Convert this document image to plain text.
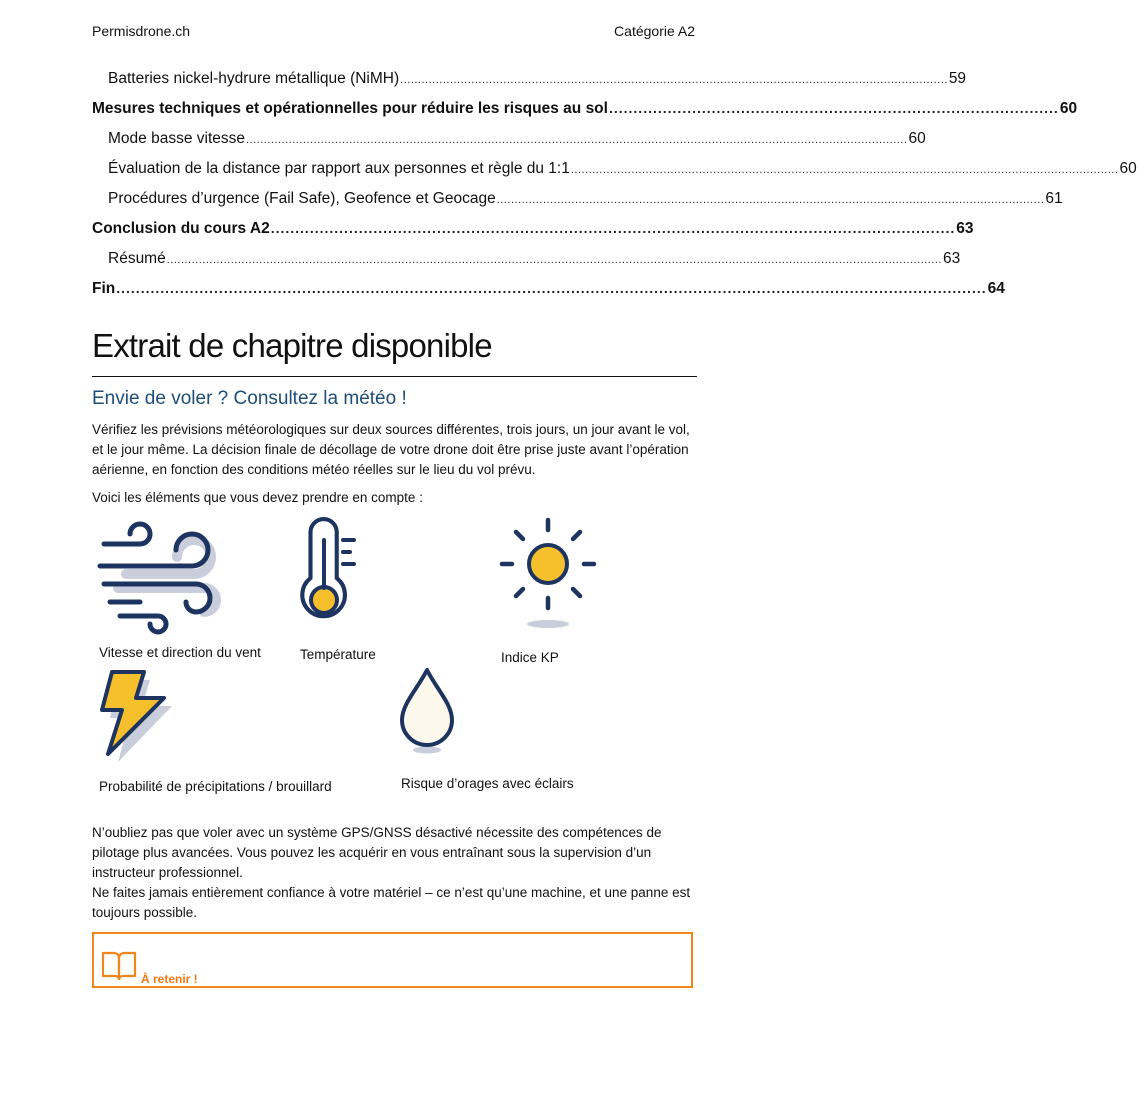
Permisdrone.ch	Catégorie A2
Batteries nickel-hydrure métallique (NiMH) .......................................................................................................................................................... 59
Mesures techniques et opérationnelles pour réduire les risques au sol ............................................................................................ 60
Mode basse vitesse .......................................................................................................................................................................................... 60
Évaluation de la distance par rapport aux personnes et règle du 1:1 .......................................................................................................................................................... 60
Procédures d’urgence (Fail Safe), Geofence et Geocage .......................................................................................................................................................... 61
Conclusion du cours A2 ............................................................................................................................................ 63
Résumé .......................................................................................................................................................................................................................... 63
Fin .................................................................................................................................................................................. 64
Extrait de chapitre disponible
Envie de voler ? Consultez la météo !
Vérifiez les prévisions météorologiques sur deux sources différentes, trois jours, un jour avant le vol, et le jour même. La décision finale de décollage de votre drone doit être prise juste avant l’opération aérienne, en fonction des conditions météo réelles sur le lieu du vol prévu.
Voici les éléments que vous devez prendre en compte :
Vitesse et direction du vent	Température	Indice KP
Probabilité de précipitations / brouillard	Risque d’orages avec éclairs
N’oubliez pas que voler avec un système GPS/GNSS désactivé nécessite des compétences de pilotage plus avancées. Vous pouvez les acquérir en vous entraînant sous la supervision d’un instructeur professionnel.
Ne faites jamais entièrement confiance à votre matériel – ce n’est qu’une machine, et une panne est toujours possible.
À retenir !
